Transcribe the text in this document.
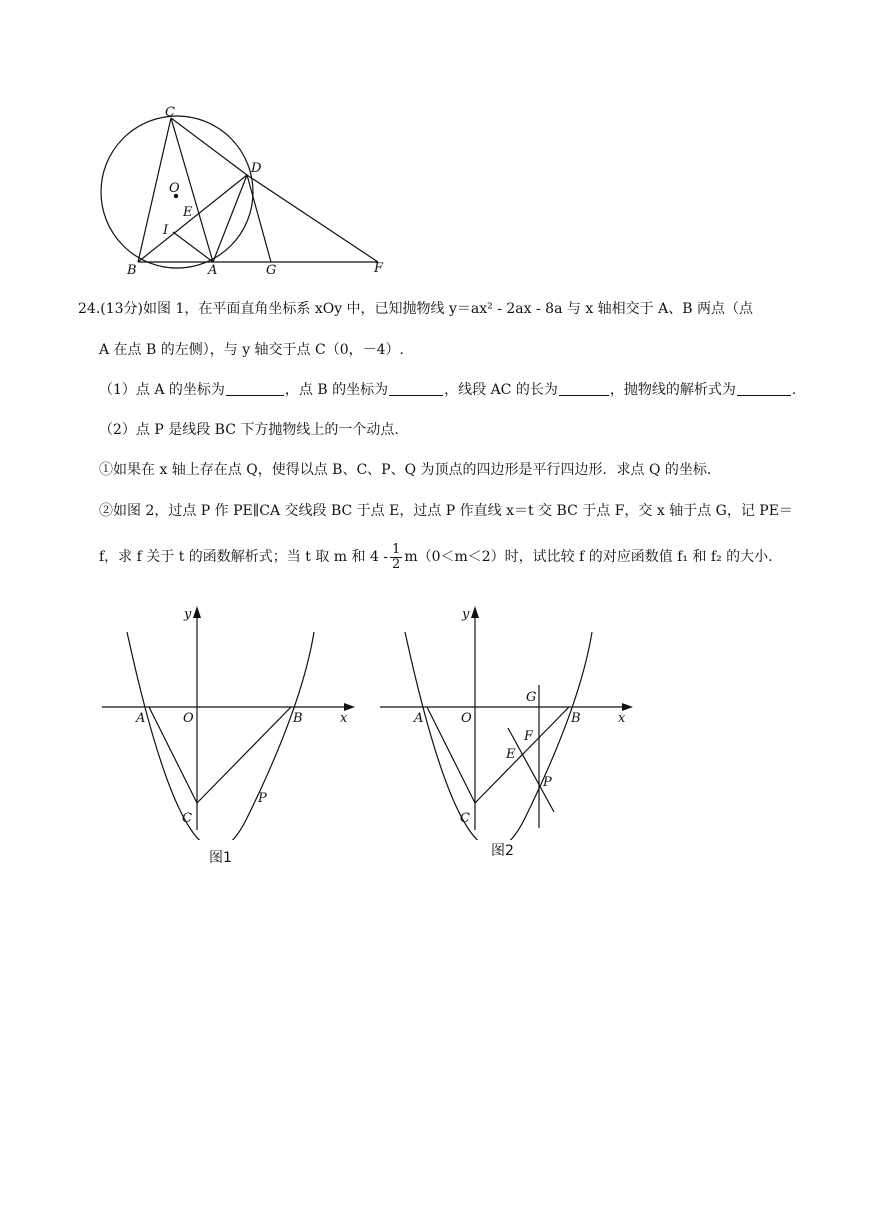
C
D
O
E
I
B	A	G	F
24.(13分)如图 1，在平面直角坐标系 xOy 中，已知抛物线 y＝ax² - 2ax - 8a 与 x 轴相交于 A、B 两点（点
A 在点 B 的左侧），与 y 轴交于点 C（0，－4）.
（1）点 A 的坐标为	，点 B 的坐标为	，线段 AC 的长为	，抛物线的解析式为	.
（2）点 P 是线段 BC 下方抛物线上的一个动点.
①如果在 x 轴上存在点 Q，使得以点 B、C、P、Q 为顶点的四边形是平行四边形．求点 Q 的坐标.
②如图 2，过点 P 作 PE∥CA 交线段 BC 于点 E，过点 P 作直线 x＝t 交 BC 于点 F，交 x 轴于点 G，记 PE＝
f，求 f 关于 t 的函数解析式；当 t 取 m 和 $4 - \frac{1}{2} m(0<m<2)$时，试比较 f 的对应函数值 f₁ 和 f₂ 的大小.
y
x
A	O	B
C
P
图1
y
x
A	O	B
G
F
E
P
C
图2
